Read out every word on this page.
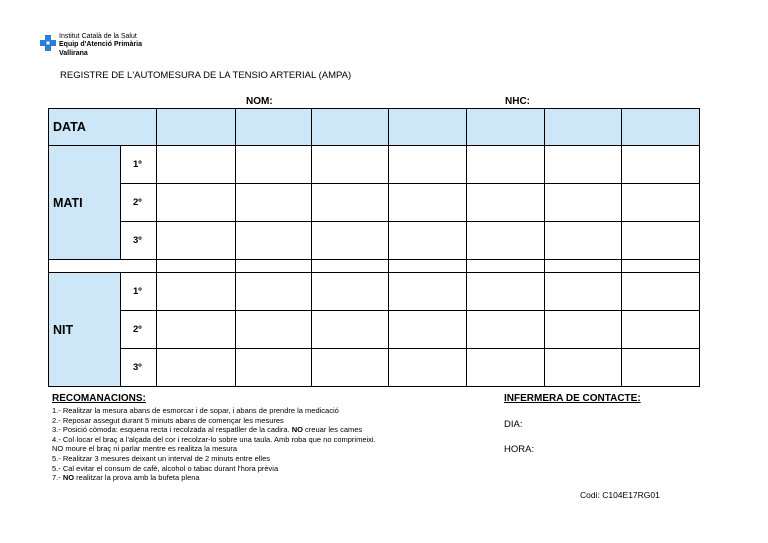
Institut Català de la Salut
Equip d'Atenció Primària
Vallirana
REGISTRE DE L'AUTOMESURA DE LA TENSIO ARTERIAL (AMPA)
NOM:	NHC:
DATA								
MATI	1º							
	2º							
	3º							

NIT	1º							
	2º							
	3º							
RECOMANACIONS:
1.- Realitzar la mesura abans de esmorcar i de sopar, i abans de prendre la medicació
2.- Reposar assegut durant 5 minuts abans de començar les mesures
3.- Posició còmoda: esquena recta i recolzada al respatller de la cadira. NO creuar les cames
4.- Col·locar el braç a l'alçada del cor i recolzar-lo sobre una taula. Amb roba que no comprimeixi.
NO moure el braç ni parlar mentre es realitza la mesura
5.- Realitzar 3 mesures deixant un interval de 2 minuts entre elles
5.- Cal evitar el consum de cafè, alcohol o tabac durant l'hora prèvia
7.- NO realitzar la prova amb la bufeta plena
INFERMERA DE CONTACTE:
DIA:
HORA:
Codi: C104E17RG01
